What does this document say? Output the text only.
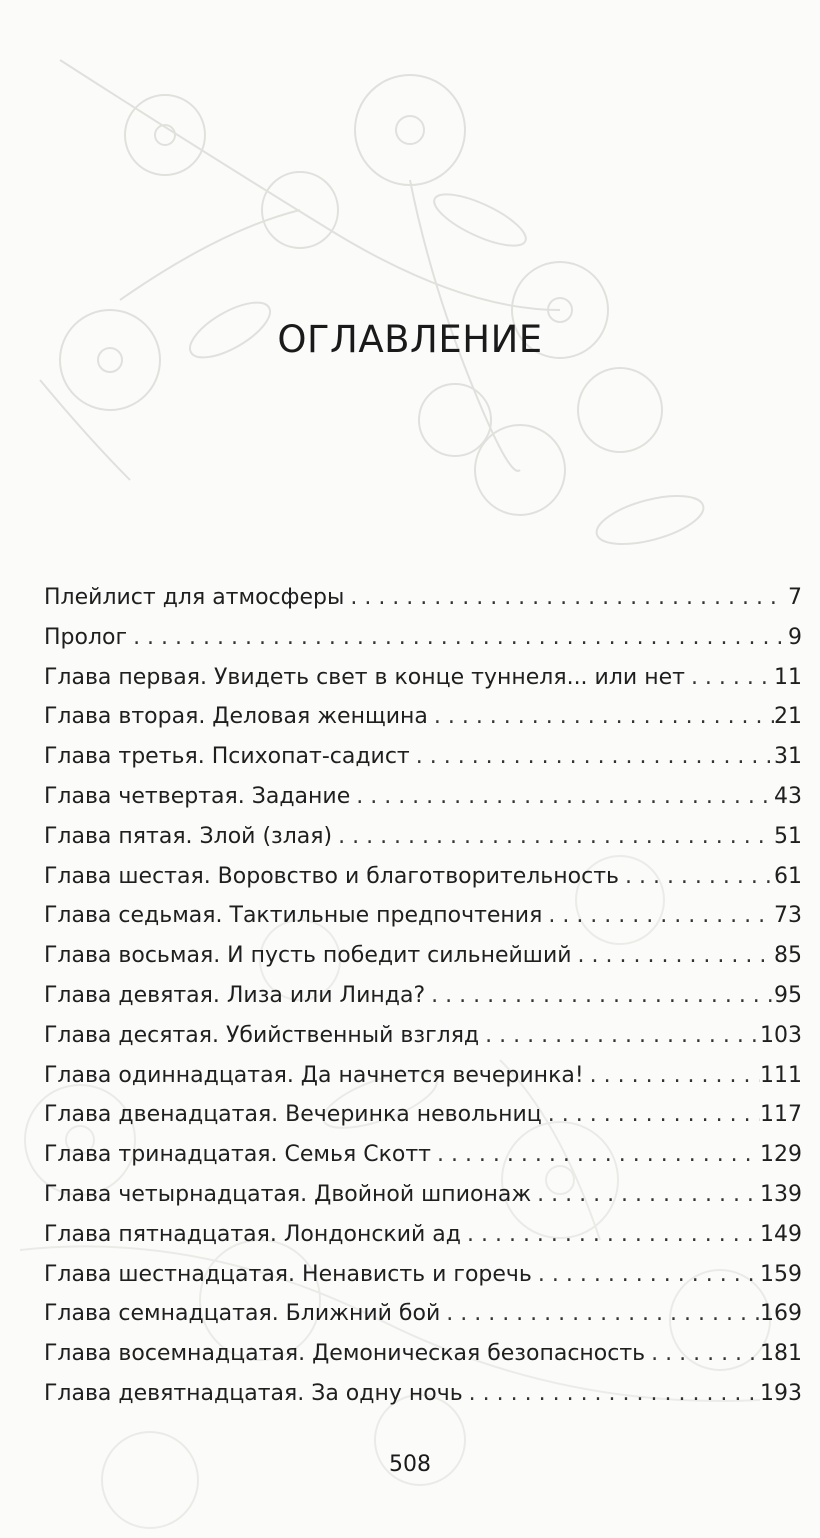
ОГЛАВЛЕНИЕ
Плейлист для атмосферы . . .	7
Пролог . . .	9
Глава первая. Увидеть свет в конце туннеля... или нет . . .	11
Глава вторая. Деловая женщина . . .	21
Глава третья. Психопат-садист . . .	31
Глава четвертая. Задание . . .	43
Глава пятая. Злой (злая) . . .	51
Глава шестая. Воровство и благотворительность . . .	61
Глава седьмая. Тактильные предпочтения . . .	73
Глава восьмая. И пусть победит сильнейший . . .	85
Глава девятая. Лиза или Линда? . . .	95
Глава десятая. Убийственный взгляд . . .	103
Глава одиннадцатая. Да начнется вечеринка! . . .	111
Глава двенадцатая. Вечеринка невольниц . . .	117
Глава тринадцатая. Семья Скотт . . .	129
Глава четырнадцатая. Двойной шпионаж . . .	139
Глава пятнадцатая. Лондонский ад . . .	149
Глава шестнадцатая. Ненависть и горечь . . .	159
Глава семнадцатая. Ближний бой . . .	169
Глава восемнадцатая. Демоническая безопасность . . .	181
Глава девятнадцатая. За одну ночь . . .	193
508
